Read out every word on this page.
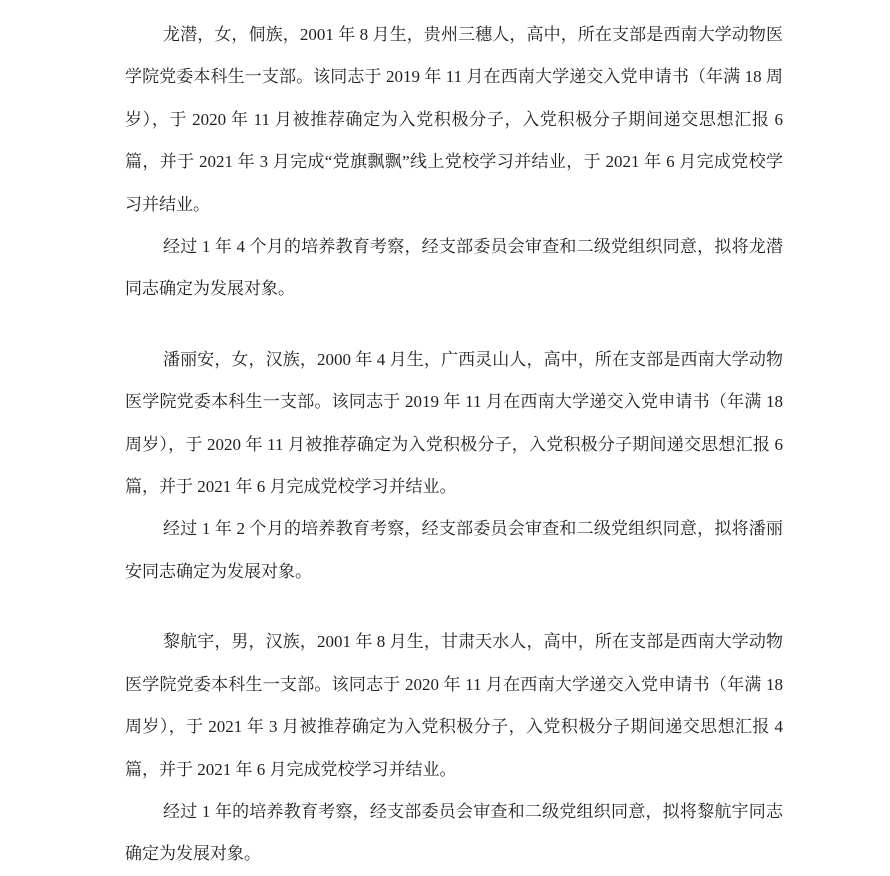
龙潜，女，侗族，2001 年 8 月生，贵州三穗人，高中，所在支部是西南大学动物医学院党委本科生一支部。该同志于 2019 年 11 月在西南大学递交入党申请书（年满 18 周岁），于 2020 年 11 月被推荐确定为入党积极分子，入党积极分子期间递交思想汇报 6 篇，并于 2021 年 3 月完成“党旗飘飘”线上党校学习并结业，于 2021 年 6 月完成党校学习并结业。

经过 1 年 4 个月的培养教育考察，经支部委员会审查和二级党组织同意，拟将龙潜同志确定为发展对象。

潘丽安，女，汉族，2000 年 4 月生，广西灵山人，高中，所在支部是西南大学动物医学院党委本科生一支部。该同志于 2019 年 11 月在西南大学递交入党申请书（年满 18 周岁），于 2020 年 11 月被推荐确定为入党积极分子，入党积极分子期间递交思想汇报 6 篇，并于 2021 年 6 月完成党校学习并结业。

经过 1 年 2 个月的培养教育考察，经支部委员会审查和二级党组织同意，拟将潘丽安同志确定为发展对象。

黎航宇，男，汉族，2001 年 8 月生，甘肃天水人，高中，所在支部是西南大学动物医学院党委本科生一支部。该同志于 2020 年 11 月在西南大学递交入党申请书（年满 18 周岁），于 2021 年 3 月被推荐确定为入党积极分子，入党积极分子期间递交思想汇报 4 篇，并于 2021 年 6 月完成党校学习并结业。

经过 1 年的培养教育考察，经支部委员会审查和二级党组织同意，拟将黎航宇同志确定为发展对象。
